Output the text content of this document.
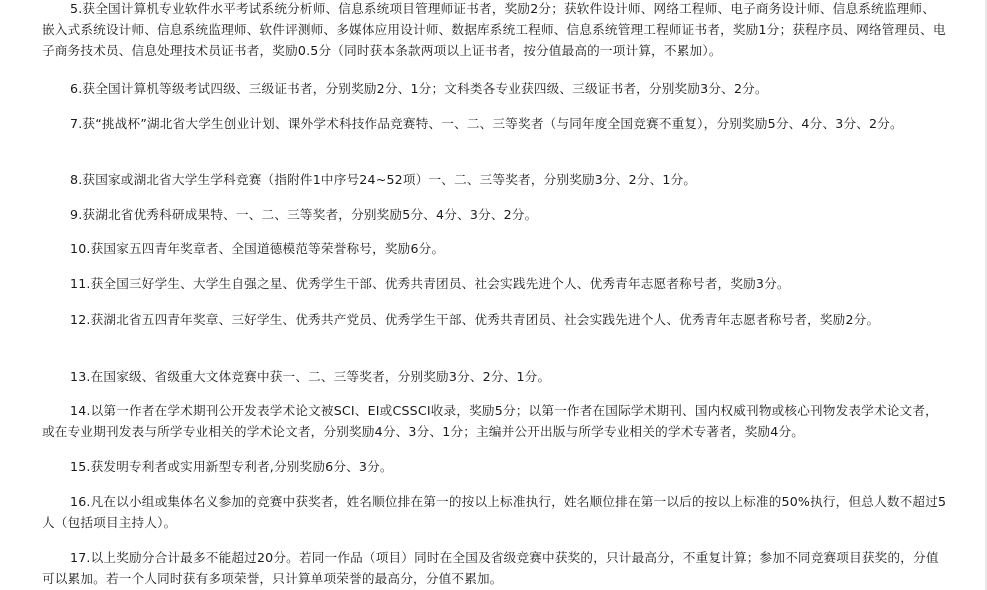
5.获全国计算机专业软件水平考试系统分析师、信息系统项目管理师证书者，奖励2分；获软件设计师、网络工程师、电子商务设计师、信息系统监理师、嵌入式系统设计师、信息系统监理师、软件评测师、多媒体应用设计师、数据库系统工程师、信息系统管理工程师证书者，奖励1分；获程序员、网络管理员、电子商务技术员、信息处理技术员证书者，奖励0.5分（同时获本条款两项以上证书者，按分值最高的一项计算，不累加）。

6.获全国计算机等级考试四级、三级证书者，分别奖励2分、1分；文科类各专业获四级、三级证书者，分别奖励3分、2分。

7.获“挑战杯”湖北省大学生创业计划、课外学术科技作品竞赛特、一、二、三等奖者（与同年度全国竞赛不重复），分别奖励5分、4分、3分、2分。

8.获国家或湖北省大学生学科竞赛（指附件1中序号24~52项）一、二、三等奖者，分别奖励3分、2分、1分。

9.获湖北省优秀科研成果特、一、二、三等奖者，分别奖励5分、4分、3分、2分。

10.获国家五四青年奖章者、全国道德模范等荣誉称号，奖励6分。

11.获全国三好学生、大学生自强之星、优秀学生干部、优秀共青团员、社会实践先进个人、优秀青年志愿者称号者，奖励3分。

12.获湖北省五四青年奖章、三好学生、优秀共产党员、优秀学生干部、优秀共青团员、社会实践先进个人、优秀青年志愿者称号者，奖励2分。

13.在国家级、省级重大文体竞赛中获一、二、三等奖者，分别奖励3分、2分、1分。

14.以第一作者在学术期刊公开发表学术论文被SCI、EI或CSSCI收录，奖励5分；以第一作者在国际学术期刊、国内权威刊物或核心刊物发表学术论文者，或在专业期刊发表与所学专业相关的学术论文者，分别奖励4分、3分、1分；主编并公开出版与所学专业相关的学术专著者，奖励4分。

15.获发明专利者或实用新型专利者,分别奖励6分、3分。

16.凡在以小组或集体名义参加的竞赛中获奖者，姓名顺位排在第一的按以上标准执行，姓名顺位排在第一以后的按以上标准的50%执行，但总人数不超过5人（包括项目主持人）。

17.以上奖励分合计最多不能超过20分。若同一作品（项目）同时在全国及省级竞赛中获奖的，只计最高分，不重复计算；参加不同竞赛项目获奖的，分值可以累加。若一个人同时获有多项荣誉，只计算单项荣誉的最高分，分值不累加。
